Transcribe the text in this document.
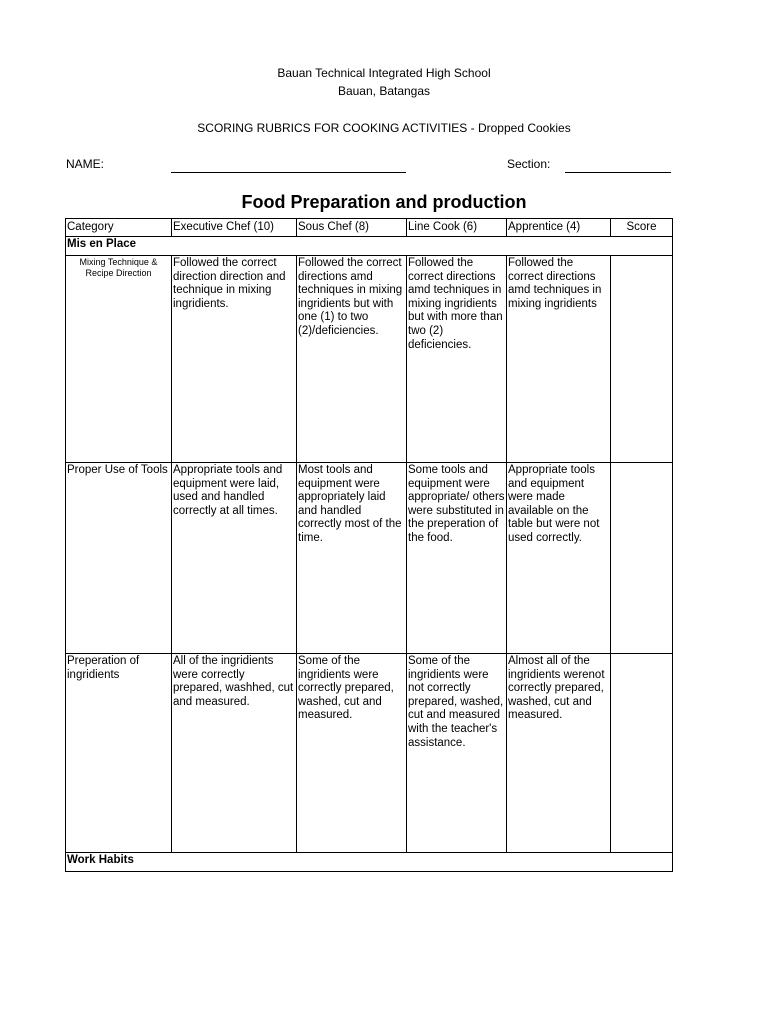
Bauan Technical Integrated High School
Bauan, Batangas
SCORING RUBRICS FOR COOKING ACTIVITIES - Dropped Cookies
NAME:	Section:
Food Preparation and production
Category	Executive Chef (10)	Sous Chef (8)	Line Cook (6)	Apprentice (4)	Score
Mis en Place					
Mixing Technique & Recipe Direction	Followed the correct direction direction and technique in mixing ingridients.	Followed the correct directions amd techniques in mixing ingridients but with one (1) to two (2)/deficiencies.	Followed the correct directions amd techniques in mixing ingridients but with more than two (2) deficiencies.	Followed the correct directions amd techniques in mixing ingridients	
Proper Use of Tools	Appropriate tools and equipment were laid, used and handled correctly at all times.	Most tools and equipment were appropriately laid and handled correctly most of the time.	Some tools and equipment were appropriate/ others were substituted in the preperation of the food.	Appropriate tools and equipment were made available on the table but were not used correctly.	
Preperation of ingridients	All of the ingridients were correctly prepared, washhed, cut and measured.	Some of the ingridients were correctly prepared, washed, cut and measured.	Some of the ingridients were not correctly prepared, washed, cut and measured with the teacher's assistance.	Almost all of the ingridients werenot correctly prepared, washed, cut and measured.	
Work Habits					
